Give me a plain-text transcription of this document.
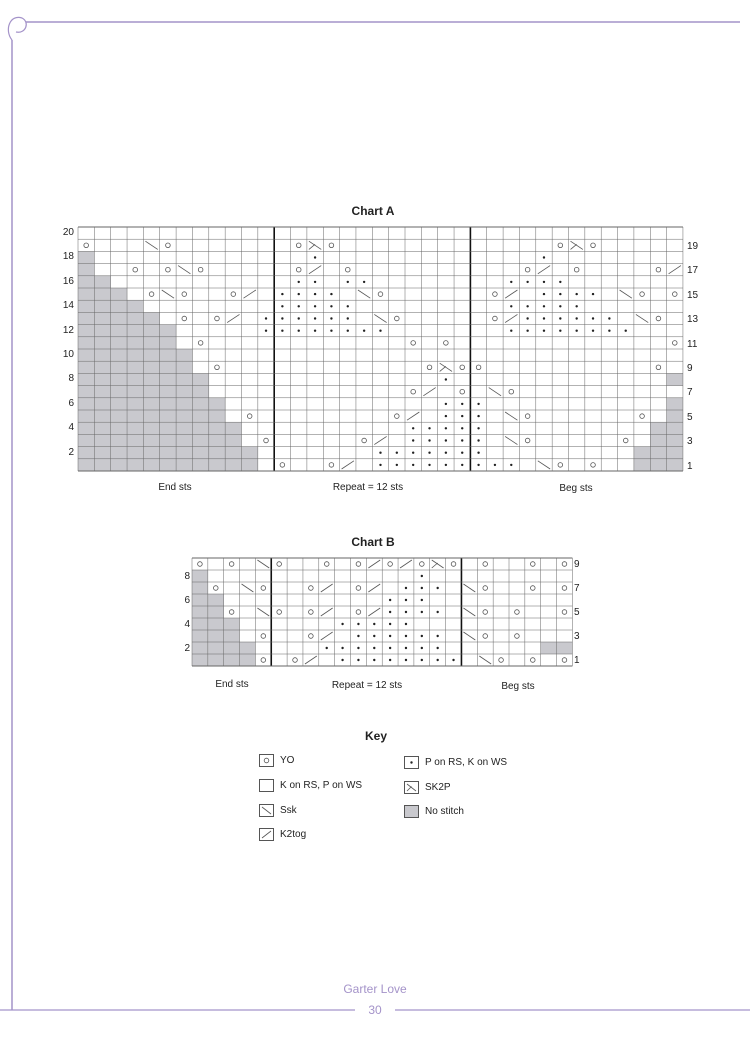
Chart A
20
18
16
14
12
10
8
6
4
2
19
17
15
13
11
9
7
5
3
1
End sts	Repeat = 12 sts	Beg sts
Chart B
8
6
4
2
9
7
5
3
1
End sts	Repeat = 12 sts	Beg sts
Key
YO
K on RS, P on WS
Ssk
K2tog
P on RS, K on WS
SK2P
No stitch
Garter Love
30
